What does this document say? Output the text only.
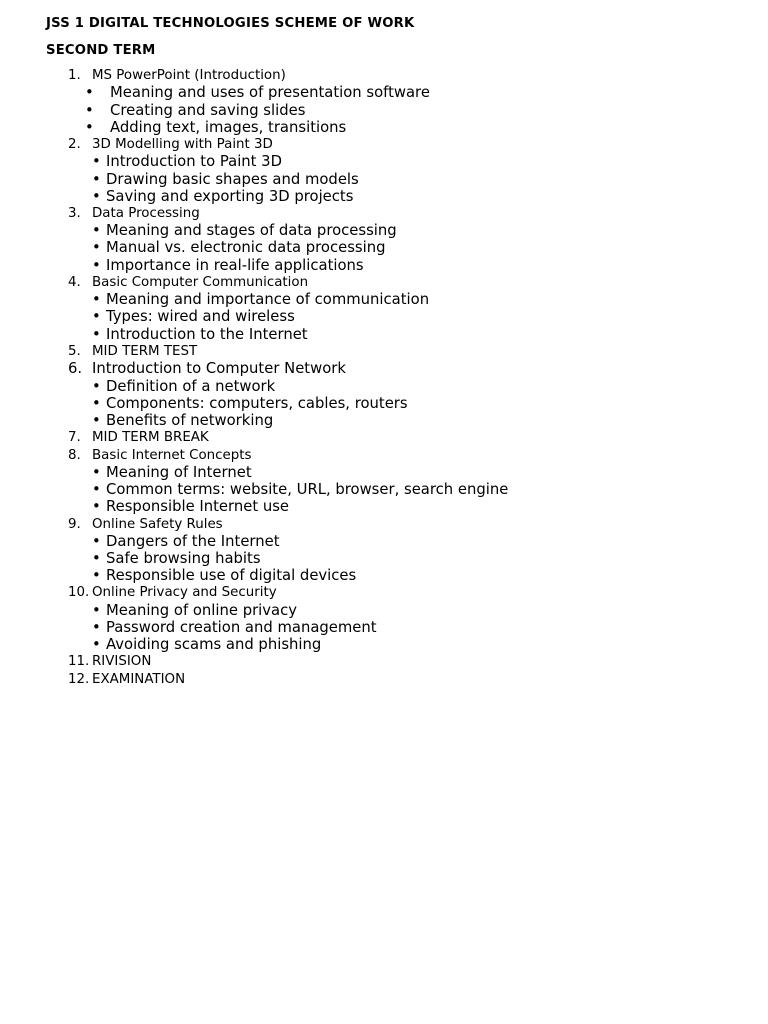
JSS 1 DIGITAL TECHNOLOGIES SCHEME OF WORK
SECOND TERM
1. MS PowerPoint (Introduction)
• Meaning and uses of presentation software
• Creating and saving slides
• Adding text, images, transitions
2. 3D Modelling with Paint 3D
• Introduction to Paint 3D
• Drawing basic shapes and models
• Saving and exporting 3D projects
3. Data Processing
• Meaning and stages of data processing
• Manual vs. electronic data processing
• Importance in real-life applications
4. Basic Computer Communication
• Meaning and importance of communication
• Types: wired and wireless
• Introduction to the Internet
5. MID TERM TEST
6. Introduction to Computer Network
• Definition of a network
• Components: computers, cables, routers
• Benefits of networking
7. MID TERM BREAK
8. Basic Internet Concepts
• Meaning of Internet
• Common terms: website, URL, browser, search engine
• Responsible Internet use
9. Online Safety Rules
• Dangers of the Internet
• Safe browsing habits
• Responsible use of digital devices
10. Online Privacy and Security
• Meaning of online privacy
• Password creation and management
• Avoiding scams and phishing
11. RIVISION
12. EXAMINATION
